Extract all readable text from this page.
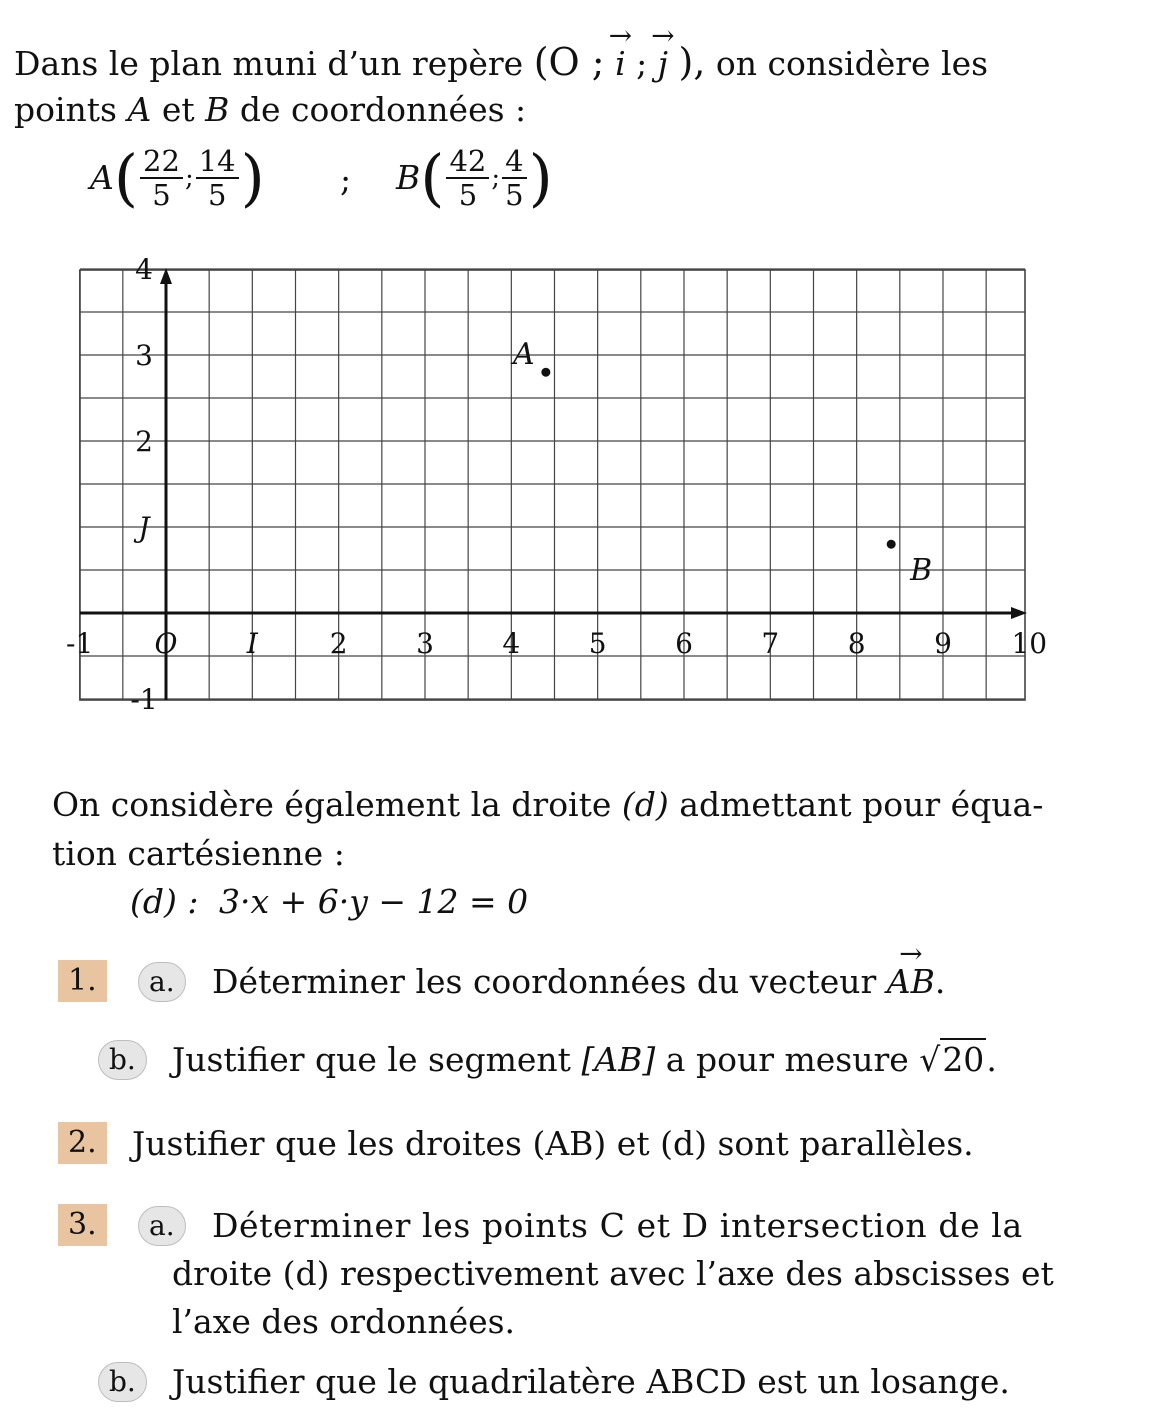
Dans le plan muni d’un repère (O ; → i ; → j ), on considère les
points A et B de coordonnées :
A ( $\frac{22}{5}$ ; $\frac{14}{5}$ ) ; B ( $\frac{42}{5}$ ; $\frac{4}{5}$ )
-1 O I	2 3 4 5 6 7 8 9 10
4
3
2
J
-1
A
B
On considère également la droite (d) admettant pour équa-
tion cartésienne :
(d) : 3·x + 6·y − 12 = 0
1.	a.	Déterminer les coordonnées du vecteur → AB.
b.	Justifier que le segment [AB] a pour mesure √20.
2.	Justifier que les droites (AB) et (d) sont parallèles.
3.	a.	Déterminer les points C et D intersection de la
droite (d) respectivement avec l’axe des abscisses et
l’axe des ordonnées.
b.	Justifier que le quadrilatère ABCD est un losange.
